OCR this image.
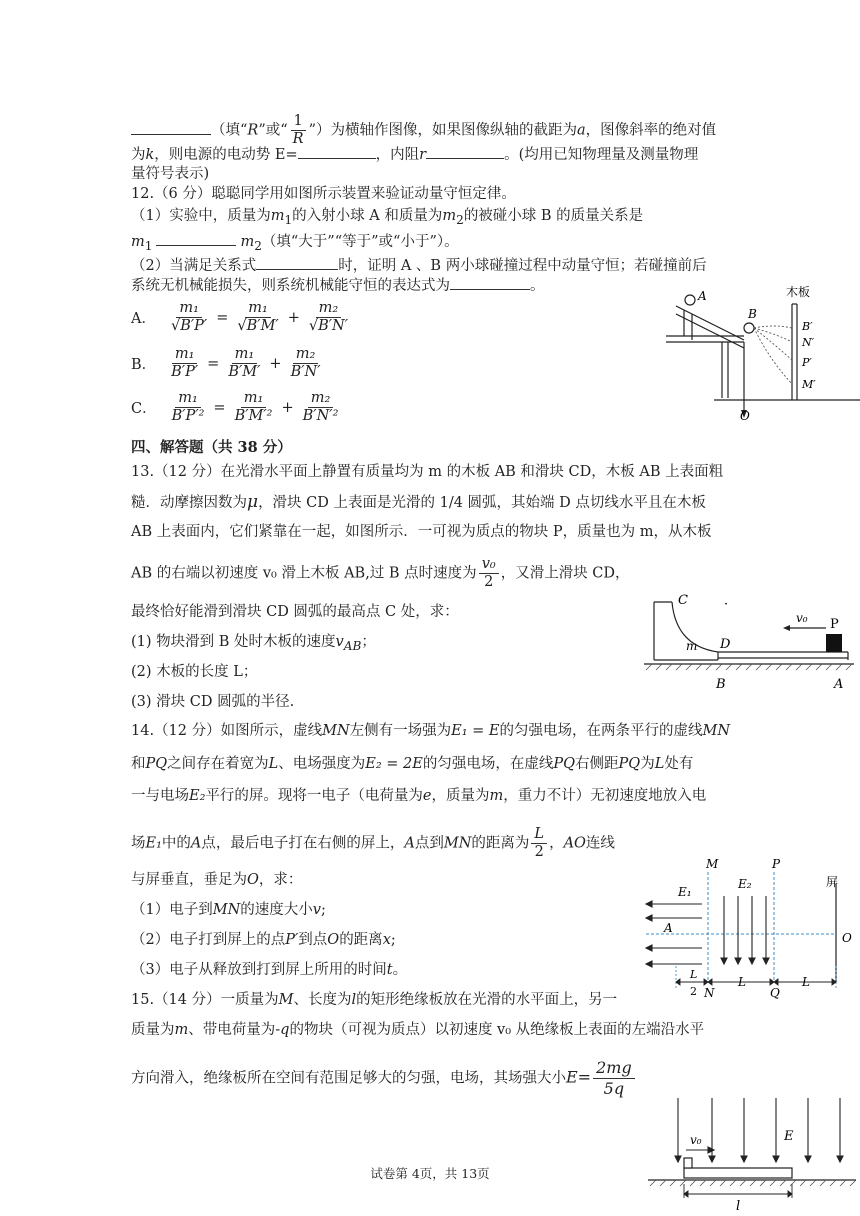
（填“R”或“ $\frac{1}{R}$ ”）为横轴作图像，如果图像纵轴的截距为a，图像斜率的绝对值
为k，则电源的电动势 E=	，内阻r	。(均用已知物理量及测量物理
量符号表示)
12.（6 分）聪聪同学用如图所示装置来验证动量守恒定律。
（1）实验中，质量为$m_1$的入射小球 A 和质量为$m_2$的被碰小球 B 的质量关系是
$m_1$	$m_2$（填“大于”“等于”或“小于”）。
（2）当满足关系式	时，证明 A 、B 两小球碰撞过程中动量守恒；若碰撞前后
系统无机械能损失，则系统机械能守恒的表达式为	。
A． $\frac{\text{m₁}}{√B'P'} = \frac{\text{m₁}}{√B'M'} + \frac{\text{m₂}}{√B'N'}$
B． $\frac{\text{m₁}}{B'P'} = \frac{\text{m₁}}{B'M'} + \frac{\text{m₂}}{B'N'}$
C． $\frac{\text{m₁}}{\text{B′P′²}} = \frac{\text{m₁}}{\text{B′M′²}} + \frac{\text{m₂}}{\text{B′N′²}}$
A
B
木板
B′
N′
P′
M′
O
四、解答题（共 38 分）
13.（12 分）在光滑水平面上静置有质量均为 m 的木板 AB 和滑块 CD，木板 AB 上表面粗
糙．动摩擦因数为μ，滑块 CD 上表面是光滑的 1/4 圆弧，其始端 D 点切线水平且在木板
AB 上表面内，它们紧靠在一起，如图所示．一可视为质点的物块 P，质量也为 m，从木板
AB 的右端以初速度 v₀ 滑上木板 AB,过 B 点时速度为 $\frac{\text{v₀}}{2}$ ，又滑上滑块 CD，
最终恰好能滑到滑块 CD 圆弧的最高点 C 处，求：
(1) 物块滑到 B 处时木板的速度$v_{AB}$；
(2) 木板的长度 L；
(3) 滑块 CD 圆弧的半径.
C	·
v₀ P
D
m
B	A
14.（12 分）如图所示，虚线MN左侧有一场强为E₁ = E的匀强电场，在两条平行的虚线MN
和PQ之间存在着宽为L、电场强度为E₂ = 2E的匀强电场，在虚线PQ右侧距PQ为L处有
一与电场E₂平行的屏。现将一电子（电荷量为e，质量为m，重力不计）无初速度地放入电
场E₁中的A点，最后电子打在右侧的屏上，A点到MN的距离为 $\frac{L}{2}$ ，AO连线
与屏垂直，垂足为O，求：
（1）电子到MN的速度大小v;
（2）电子打到屏上的点P′到点O的距离x;
（3）电子从释放到打到屏上所用的时间t。
M	P
屏
E₁
E₂
A
O
L
2 N
L
Q
L
15.（14 分）一质量为M、长度为l的矩形绝缘板放在光滑的水平面上，另一
质量为m、带电荷量为-q的物块（可视为质点）以初速度 v₀ 从绝缘板上表面的左端沿水平
方向滑入，绝缘板所在空间有范围足够大的匀强，电场，其场强大小$E= \frac{2mg}{5q}$
v₀	E
l
试卷第 4页，共 13页
